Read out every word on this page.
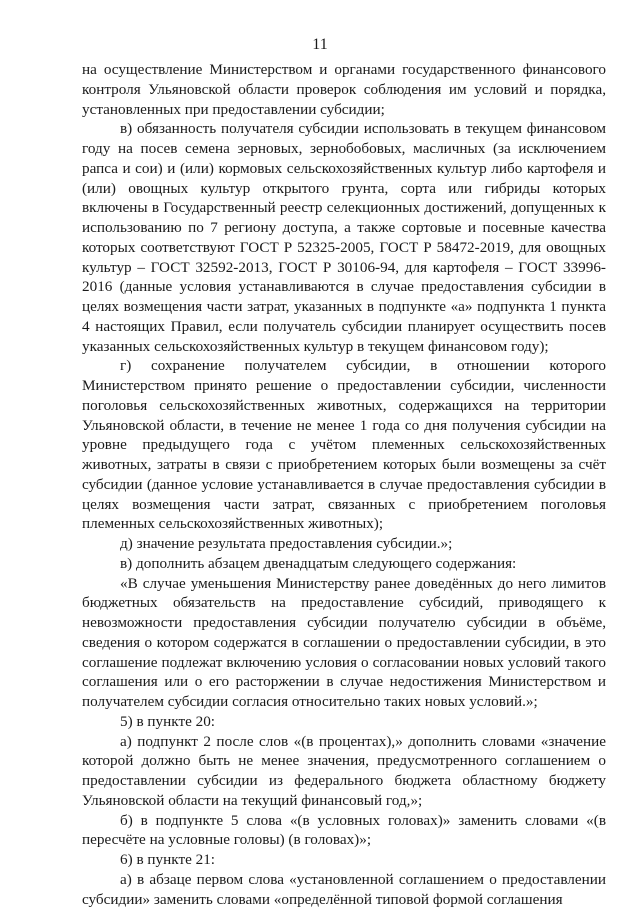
11

на осуществление Министерством и органами государственного финансового контроля Ульяновской области проверок соблюдения им условий и порядка, установленных при предоставлении субсидии;

в) обязанность получателя субсидии использовать в текущем финансовом году на посев семена зерновых, зернобобовых, масличных (за исключением рапса и сои) и (или) кормовых сельскохозяйственных культур либо картофеля и (или) овощных культур открытого грунта, сорта или гибриды которых включены в Государственный реестр селекционных достижений, допущенных к использованию по 7 региону доступа, а также сортовые и посевные качества которых соответствуют ГОСТ Р 52325-2005, ГОСТ Р 58472-2019, для овощных культур – ГОСТ 32592-2013, ГОСТ Р 30106-94, для картофеля – ГОСТ 33996-2016 (данные условия устанавливаются в случае предоставления субсидии в целях возмещения части затрат, указанных в подпункте «а» подпункта 1 пункта 4 настоящих Правил, если получатель субсидии планирует осуществить посев указанных сельскохозяйственных культур в текущем финансовом году);

г) сохранение получателем субсидии, в отношении которого Министерством принято решение о предоставлении субсидии, численности поголовья сельскохозяйственных животных, содержащихся на территории Ульяновской области, в течение не менее 1 года со дня получения субсидии на уровне предыдущего года с учётом племенных сельскохозяйственных животных, затраты в связи с приобретением которых были возмещены за счёт субсидии (данное условие устанавливается в случае предоставления субсидии в целях возмещения части затрат, связанных с приобретением поголовья племенных сельскохозяйственных животных);

д) значение результата предоставления субсидии.»;

в) дополнить абзацем двенадцатым следующего содержания:

«В случае уменьшения Министерству ранее доведённых до него лимитов бюджетных обязательств на предоставление субсидий, приводящего к невозможности предоставления субсидии получателю субсидии в объёме, сведения о котором содержатся в соглашении о предоставлении субсидии, в это соглашение подлежат включению условия о согласовании новых условий такого соглашения или о его расторжении в случае недостижения Министерством и получателем субсидии согласия относительно таких новых условий.»;

5) в пункте 20:

а) подпункт 2 после слов «(в процентах),» дополнить словами «значение которой должно быть не менее значения, предусмотренного соглашением о предоставлении субсидии из федерального бюджета областному бюджету Ульяновской области на текущий финансовый год,»;

б) в подпункте 5 слова «(в условных головах)» заменить словами «(в пересчёте на условные головы) (в головах)»;

6) в пункте 21:

а) в абзаце первом слова «установленной соглашением о предоставлении субсидии» заменить словами «определённой типовой формой соглашения
